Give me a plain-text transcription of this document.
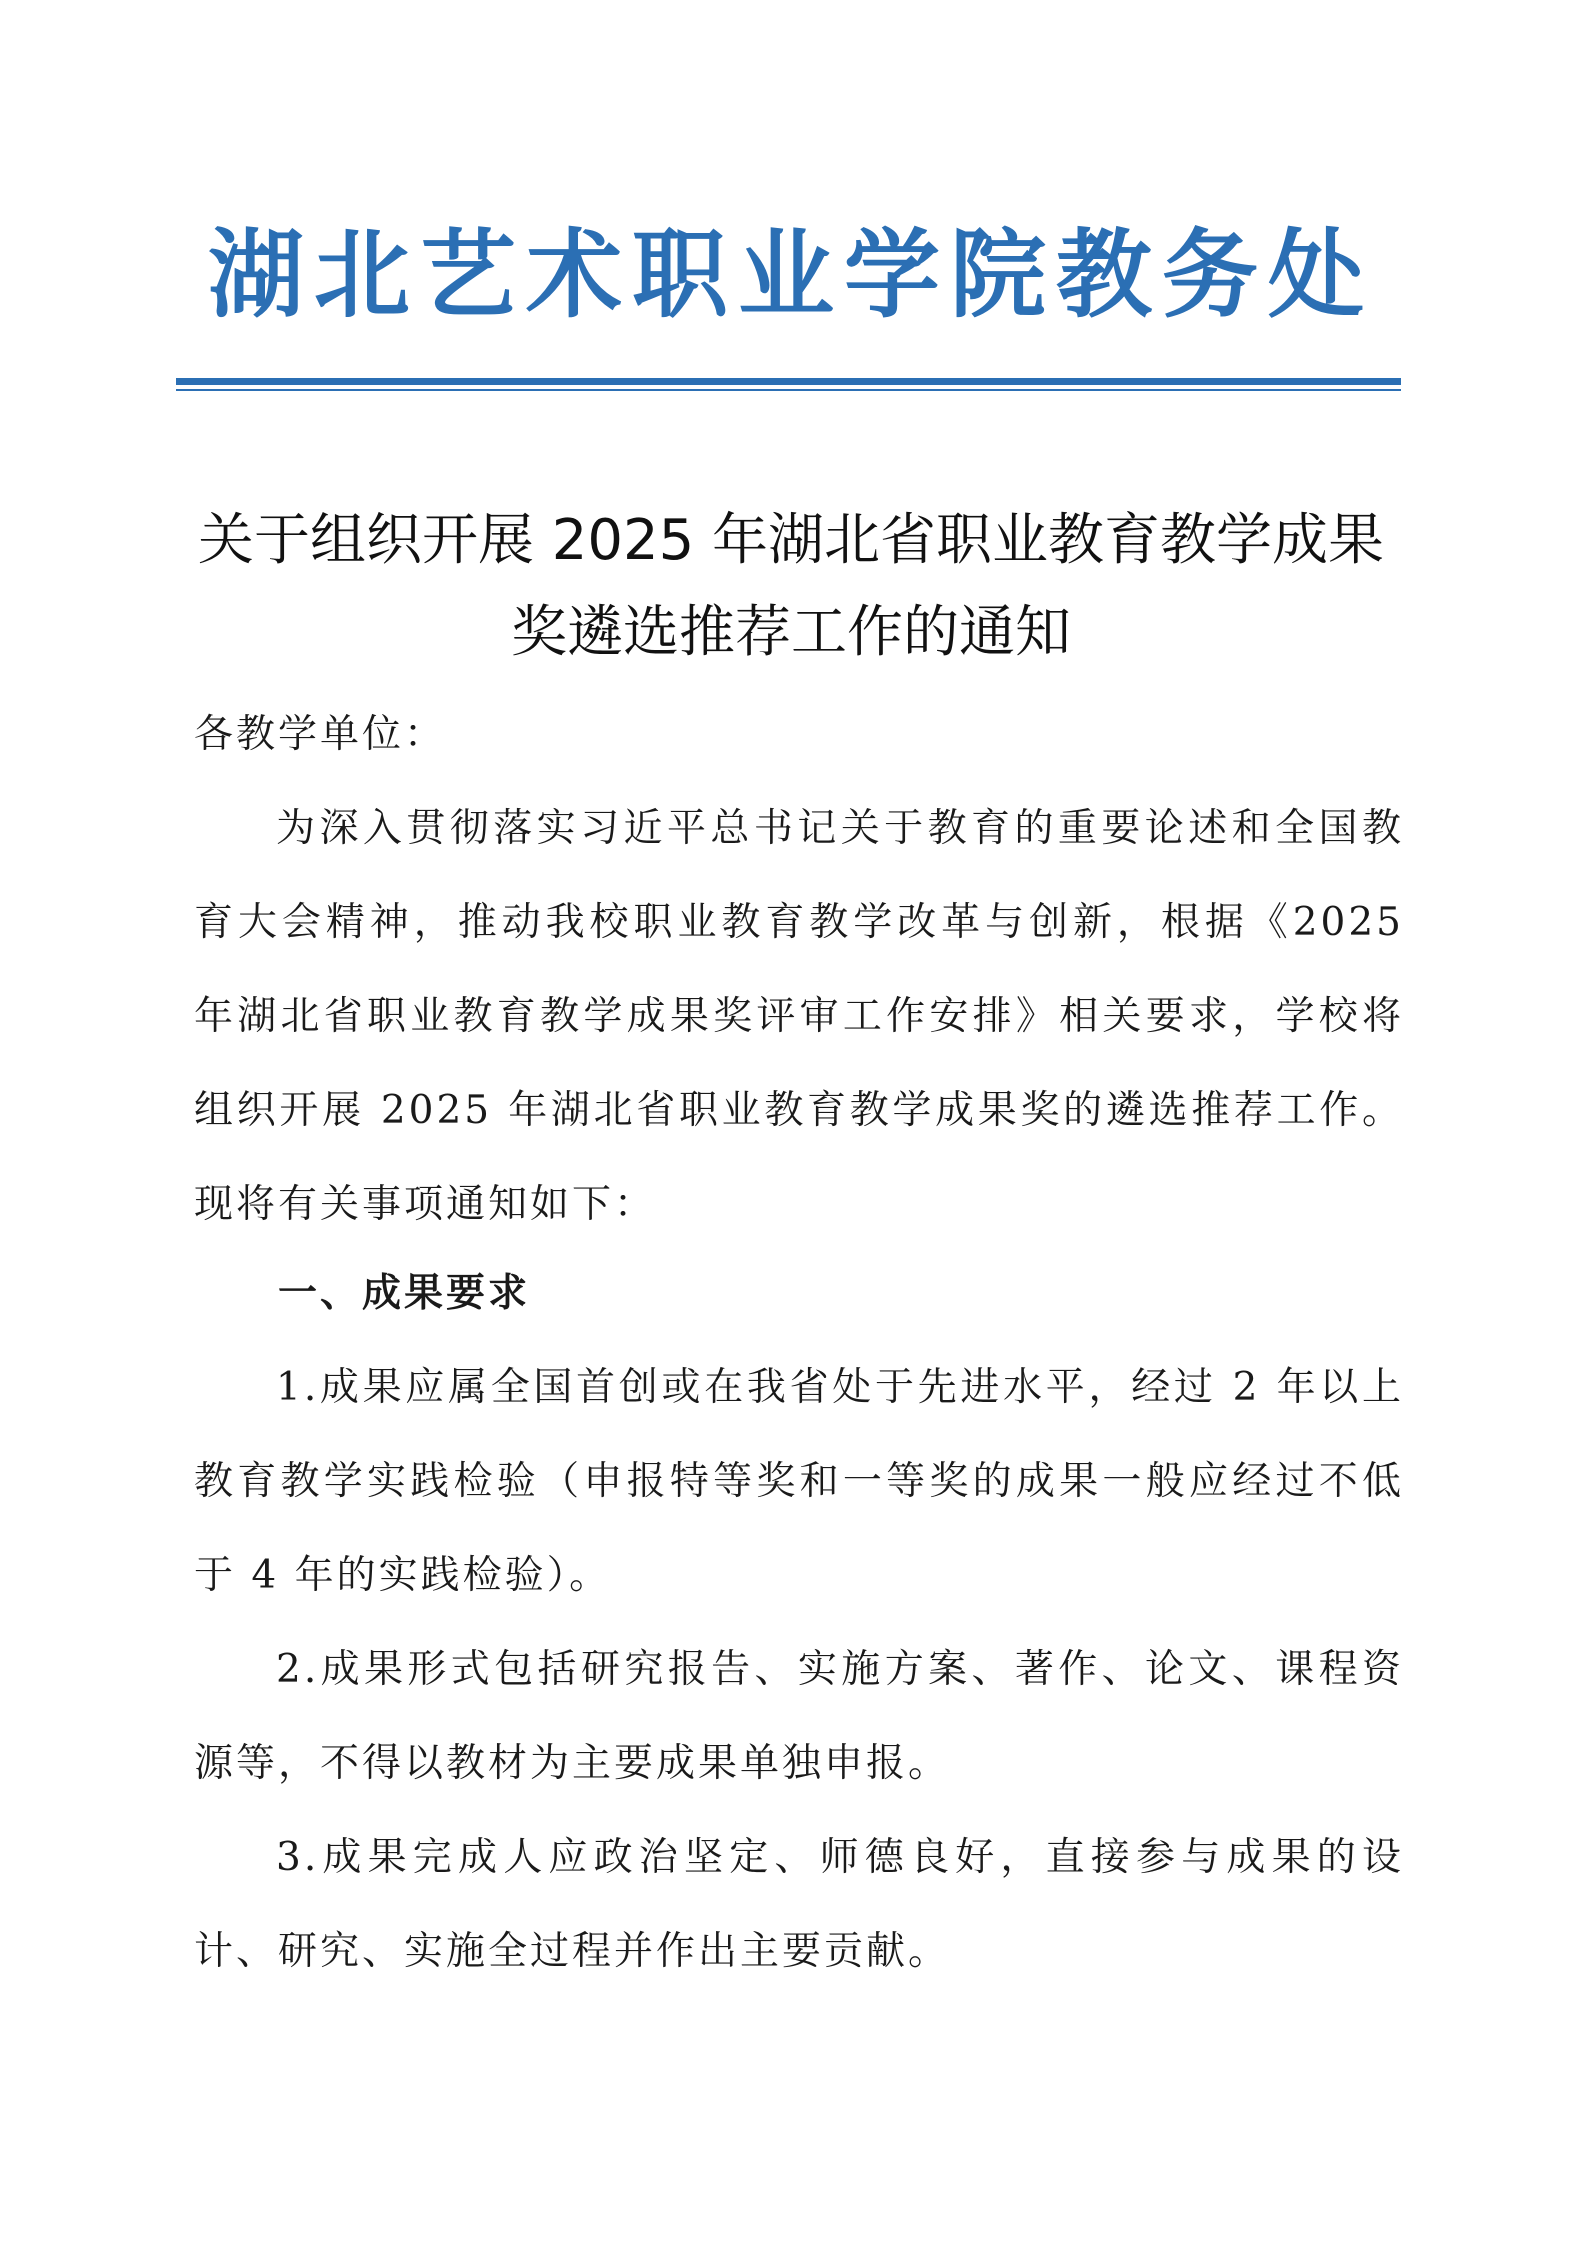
湖北艺术职业学院教务处
关于组织开展 2025 年湖北省职业教育教学成果
奖遴选推荐工作的通知

各教学单位：

为深入贯彻落实习近平总书记关于教育的重要论述和全国教育大会精神，推动我校职业教育教学改革与创新，根据《2025 年湖北省职业教育教学成果奖评审工作安排》相关要求，学校将组织开展 2025 年湖北省职业教育教学成果奖的遴选推荐工作。现将有关事项通知如下：

一、成果要求

1.成果应属全国首创或在我省处于先进水平，经过 2 年以上教育教学实践检验（申报特等奖和一等奖的成果一般应经过不低于 4 年的实践检验）。

2.成果形式包括研究报告、实施方案、著作、论文、课程资源等，不得以教材为主要成果单独申报。

3.成果完成人应政治坚定、师德良好，直接参与成果的设计、研究、实施全过程并作出主要贡献。
